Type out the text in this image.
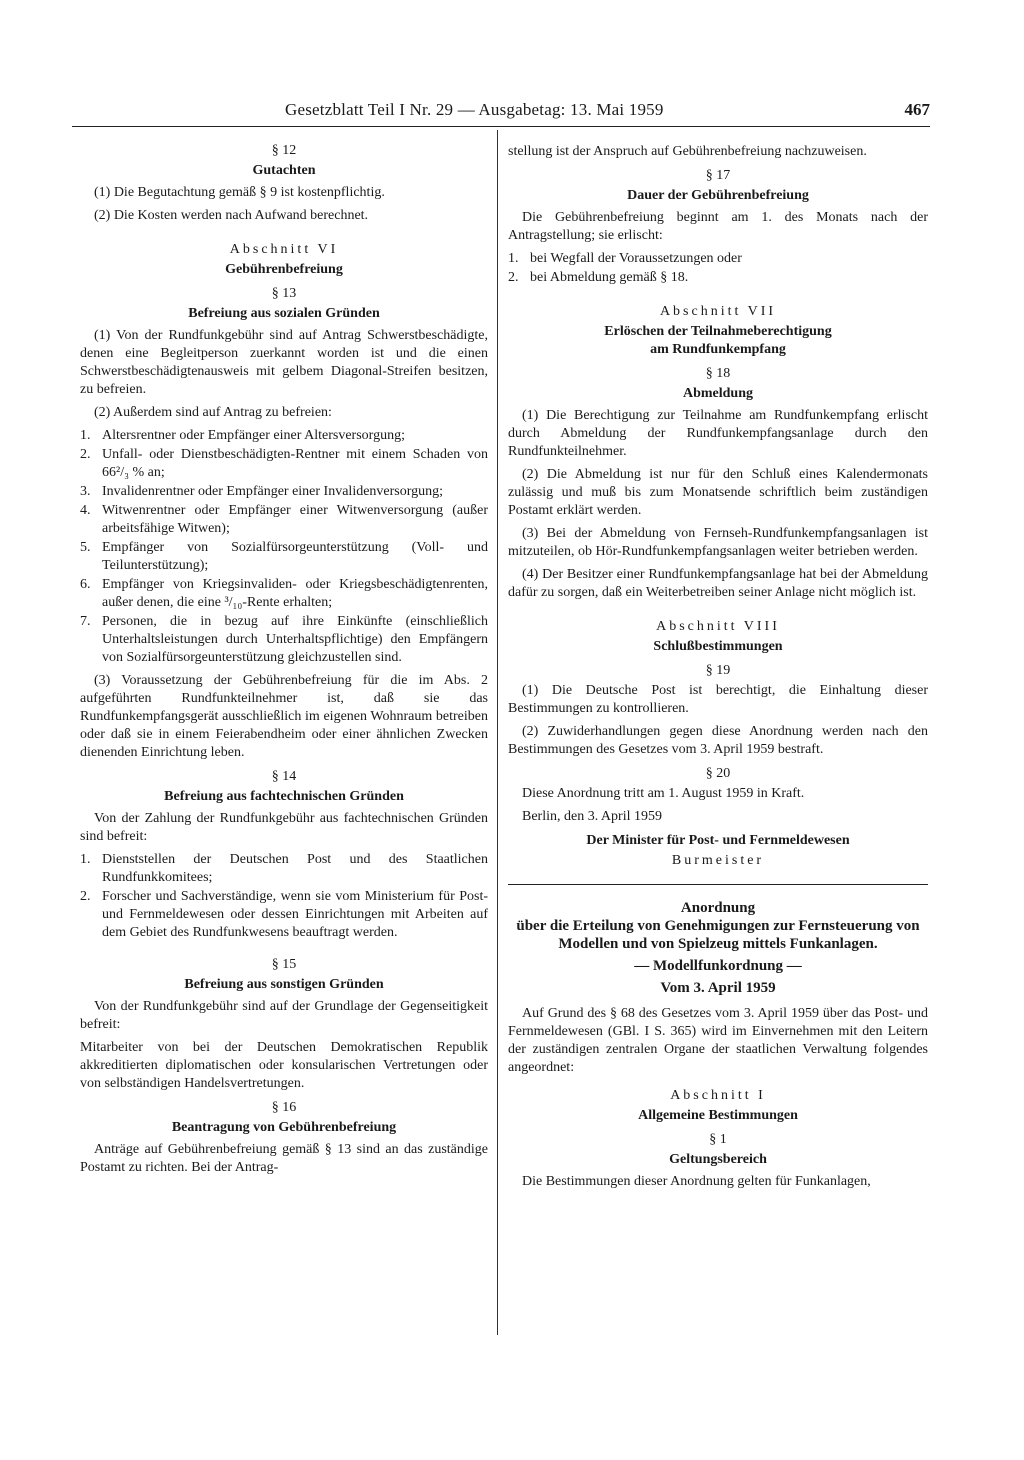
Gesetzblatt Teil I Nr. 29 — Ausgabetag: 13. Mai 1959	467
§ 12
Gutachten

(1) Die Begutachtung gemäß § 9 ist kostenpflichtig.

(2) Die Kosten werden nach Aufwand berechnet.

Abschnitt VI
Gebührenbefreiung
§ 13
Befreiung aus sozialen Gründen

(1) Von der Rundfunkgebühr sind auf Antrag Schwerstbeschädigte, denen eine Begleitperson zuerkannt worden ist und die einen Schwerstbeschädigtenausweis mit gelbem Diagonal-Streifen besitzen, zu befreien.

(2) Außerdem sind auf Antrag zu befreien:

1. Altersrentner oder Empfänger einer Altersversorgung;
2. Unfall- oder Dienstbeschädigten-Rentner mit einem Schaden von 66²/₃ % an;
3. Invalidenrentner oder Empfänger einer Invalidenversorgung;
4. Witwenrentner oder Empfänger einer Witwenversorgung (außer arbeitsfähige Witwen);
5. Empfänger von Sozialfürsorgeunterstützung (Voll- und Teilunterstützung);
6. Empfänger von Kriegsinvaliden- oder Kriegsbeschädigtenrenten, außer denen, die eine ³/₁₀-Rente erhalten;
7. Personen, die in bezug auf ihre Einkünfte (einschließlich Unterhaltsleistungen durch Unterhaltspflichtige) den Empfängern von Sozialfürsorgeunterstützung gleichzustellen sind.

(3) Voraussetzung der Gebührenbefreiung für die im Abs. 2 aufgeführten Rundfunkteilnehmer ist, daß sie das Rundfunkempfangsgerät ausschließlich im eigenen Wohnraum betreiben oder daß sie in einem Feierabendheim oder einer ähnlichen Zwecken dienenden Einrichtung leben.

§ 14
Befreiung aus fachtechnischen Gründen

Von der Zahlung der Rundfunkgebühr aus fachtechnischen Gründen sind befreit:

1. Dienststellen der Deutschen Post und des Staatlichen Rundfunkkomitees;
2. Forscher und Sachverständige, wenn sie vom Ministerium für Post- und Fernmeldewesen oder dessen Einrichtungen mit Arbeiten auf dem Gebiet des Rundfunkwesens beauftragt werden.
§ 15
Befreiung aus sonstigen Gründen

Von der Rundfunkgebühr sind auf der Grundlage der Gegenseitigkeit befreit:

Mitarbeiter von bei der Deutschen Demokratischen Republik akkreditierten diplomatischen oder konsularischen Vertretungen oder von selbständigen Handelsvertretungen.

§ 16
Beantragung von Gebührenbefreiung

Anträge auf Gebührenbefreiung gemäß § 13 sind an das zuständige Postamt zu richten. Bei der Antrag-

stellung ist der Anspruch auf Gebührenbefreiung nachzuweisen.

§ 17
Dauer der Gebührenbefreiung

Die Gebührenbefreiung beginnt am 1. des Monats nach der Antragstellung; sie erlischt:

1. bei Wegfall der Voraussetzungen oder
2. bei Abmeldung gemäß § 18.
Abschnitt VII
Erlöschen der Teilnahmeberechtigung
am Rundfunkempfang
§ 18
Abmeldung

(1) Die Berechtigung zur Teilnahme am Rundfunkempfang erlischt durch Abmeldung der Rundfunkempfangsanlage durch den Rundfunkteilnehmer.

(2) Die Abmeldung ist nur für den Schluß eines Kalendermonats zulässig und muß bis zum Monatsende schriftlich beim zuständigen Postamt erklärt werden.

(3) Bei der Abmeldung von Fernseh-Rundfunkempfangsanlagen ist mitzuteilen, ob Hör-Rundfunkempfangsanlagen weiter betrieben werden.

(4) Der Besitzer einer Rundfunkempfangsanlage hat bei der Abmeldung dafür zu sorgen, daß ein Weiterbetreiben seiner Anlage nicht möglich ist.

Abschnitt VIII
Schlußbestimmungen
§ 19

(1) Die Deutsche Post ist berechtigt, die Einhaltung dieser Bestimmungen zu kontrollieren.

(2) Zuwiderhandlungen gegen diese Anordnung werden nach den Bestimmungen des Gesetzes vom 3. April 1959 bestraft.

§ 20

Diese Anordnung tritt am 1. August 1959 in Kraft.

Berlin, den 3. April 1959

Der Minister für Post- und Fernmeldewesen
Burmeister
Anordnung
über die Erteilung von Genehmigungen zur Fernsteuerung von Modellen und von Spielzeug mittels Funkanlagen.
— Modellfunkordnung —
Vom 3. April 1959

Auf Grund des § 68 des Gesetzes vom 3. April 1959 über das Post- und Fernmeldewesen (GBl. I S. 365) wird im Einvernehmen mit den Leitern der zuständigen zentralen Organe der staatlichen Verwaltung folgendes angeordnet:

Abschnitt I
Allgemeine Bestimmungen
§ 1
Geltungsbereich

Die Bestimmungen dieser Anordnung gelten für Funkanlagen,
